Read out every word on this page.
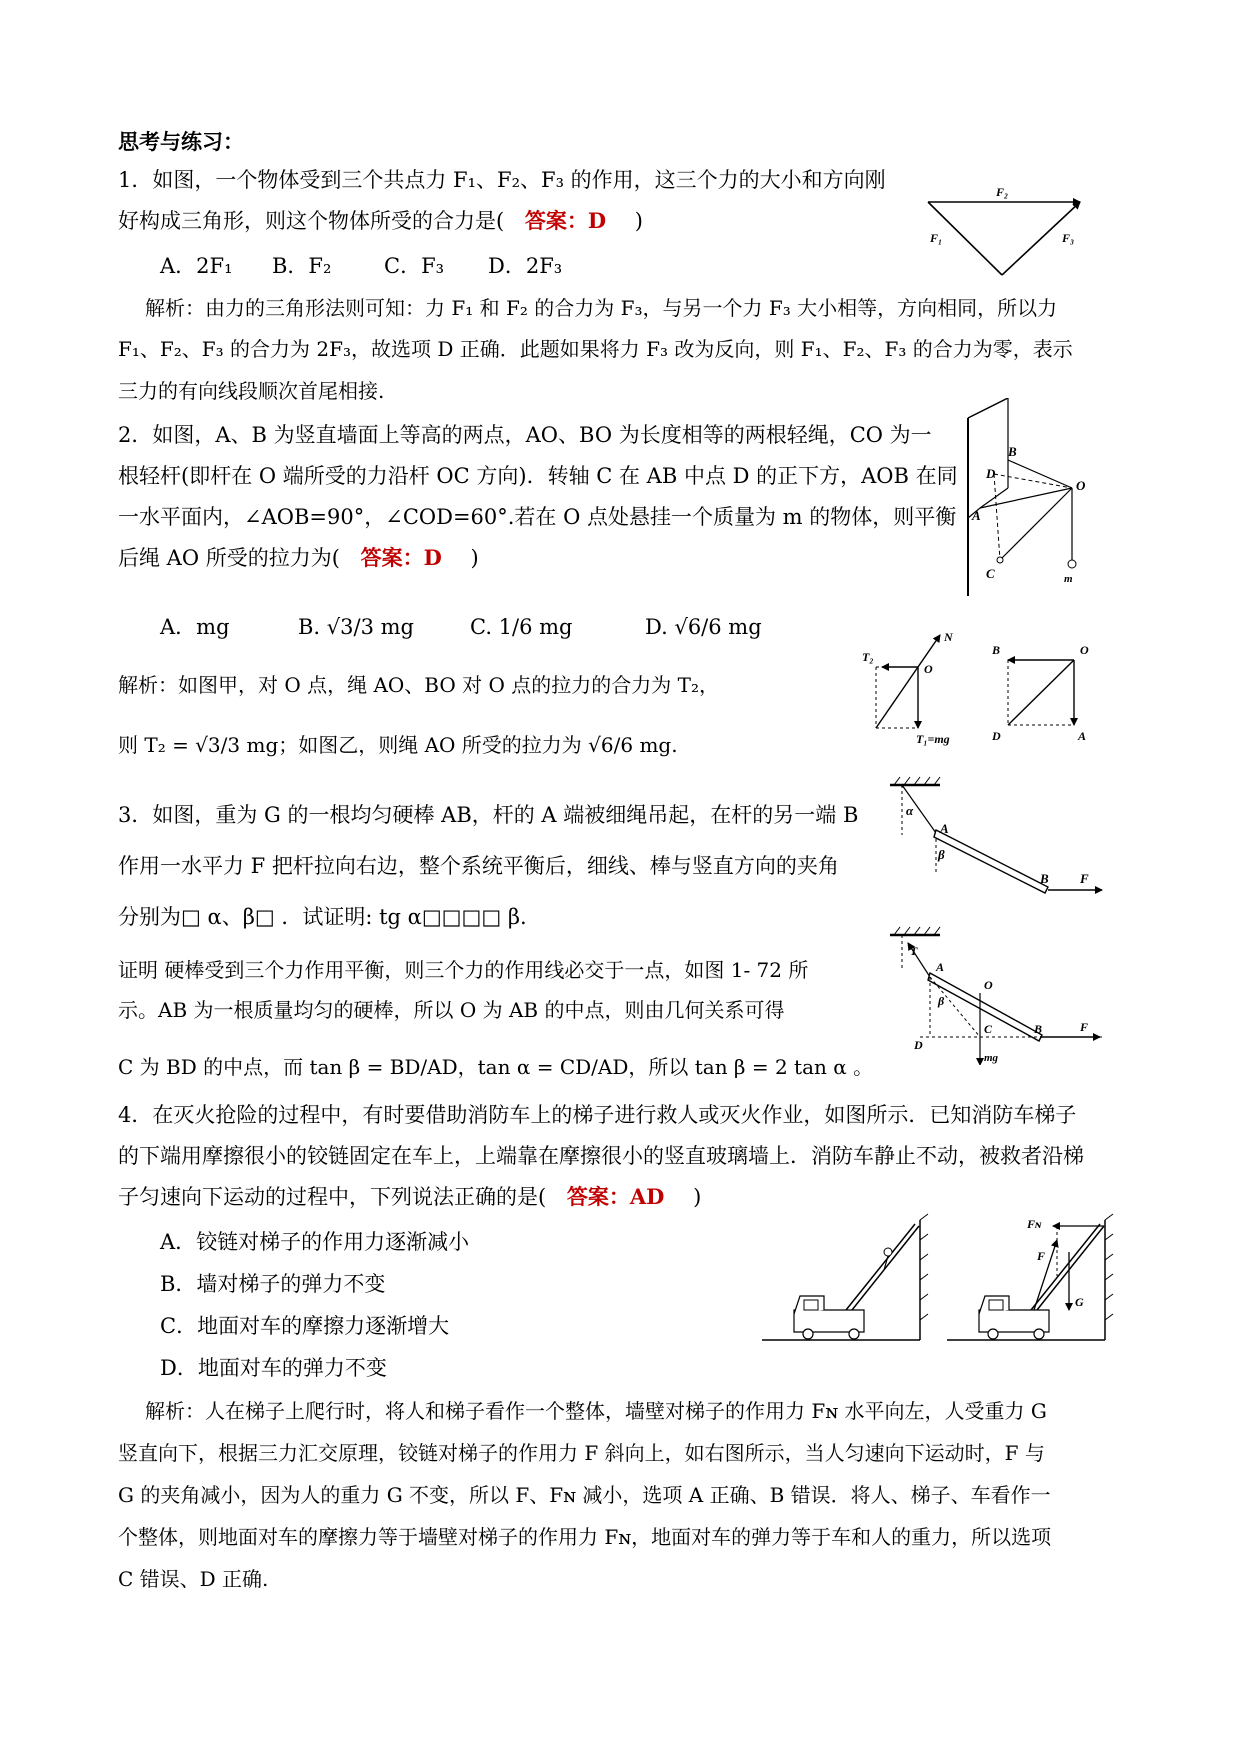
思考与练习：
1．如图，一个物体受到三个共点力 F₁、F₂、F₃ 的作用，这三个力的大小和方向刚
好构成三角形，则这个物体所受的合力是( 答案：D )
A．2F₁ B．F₂	C．F₃ D．2F₃
解析：由力的三角形法则可知：力 F₁ 和 F₂ 的合力为 F₃，与另一个力 F₃ 大小相等，方向相同，所以力
F₁、F₂、F₃ 的合力为 2F₃，故选项 D 正确．此题如果将力 F₃ 改为反向，则 F₁、F₂、F₃ 的合力为零，表示
三力的有向线段顺次首尾相接.
F₂
F₁	F₃
2．如图，A、B 为竖直墙面上等高的两点，AO、BO 为长度相等的两根轻绳，CO 为一
根轻杆(即杆在 O 端所受的力沿杆 OC 方向)．转轴 C 在 AB 中点 D 的正下方，AOB 在同
一水平面内，∠AOB=90°，∠COD=60°.若在 O 点处悬挂一个质量为 m 的物体，则平衡
后绳 AO 所受的拉力为( 答案：D )
A．mg	B. √3/3 mg	C. 1/6 mg	D. √6/6 mg
解析：如图甲，对 O 点，绳 AO、BO 对 O 点的拉力的合力为 T₂，
则 T₂ = √3/3 mg；如图乙，则绳 AO 所受的拉力为 √6/6 mg.
B
D
O
A
C	m
T₂
N
O
T₁=mg
B	O
D	A
3．如图，重为 G 的一根均匀硬棒 AB，杆的 A 端被细绳吊起，在杆的另一端 B
作用一水平力 F 把杆拉向右边，整个系统平衡后，细线、棒与竖直方向的夹角
分别为□ α、β□ ．试证明: tg α□□□□ β.
证明 硬棒受到三个力作用平衡，则三个力的作用线必交于一点，如图 1- 72 所
示。AB 为一根质量均匀的硬棒，所以 O 为 AB 的中点，则由几何关系可得
C 为 BD 的中点，而 tan β = BD/AD，tan α = CD/AD，所以 tan β = 2 tan α 。
α
A
β
B F
T
A
β
O
D
C	B	F
mg
4．在灭火抢险的过程中，有时要借助消防车上的梯子进行救人或灭火作业，如图所示．已知消防车梯子
的下端用摩擦很小的铰链固定在车上，上端靠在摩擦很小的竖直玻璃墙上．消防车静止不动，被救者沿梯
子匀速向下运动的过程中，下列说法正确的是( 答案：AD )
A．铰链对梯子的作用力逐渐减小
B．墙对梯子的弹力不变
C．地面对车的摩擦力逐渐增大
D．地面对车的弹力不变
解析：人在梯子上爬行时，将人和梯子看作一个整体，墙壁对梯子的作用力 Fɴ 水平向左，人受重力 G
竖直向下，根据三力汇交原理，铰链对梯子的作用力 F 斜向上，如右图所示，当人匀速向下运动时，F 与
G 的夹角减小，因为人的重力 G 不变，所以 F、Fɴ 减小，选项 A 正确、B 错误．将人、梯子、车看作一
个整体，则地面对车的摩擦力等于墙壁对梯子的作用力 Fɴ，地面对车的弹力等于车和人的重力，所以选项
C 错误、D 正确.
Fɴ
F
G
